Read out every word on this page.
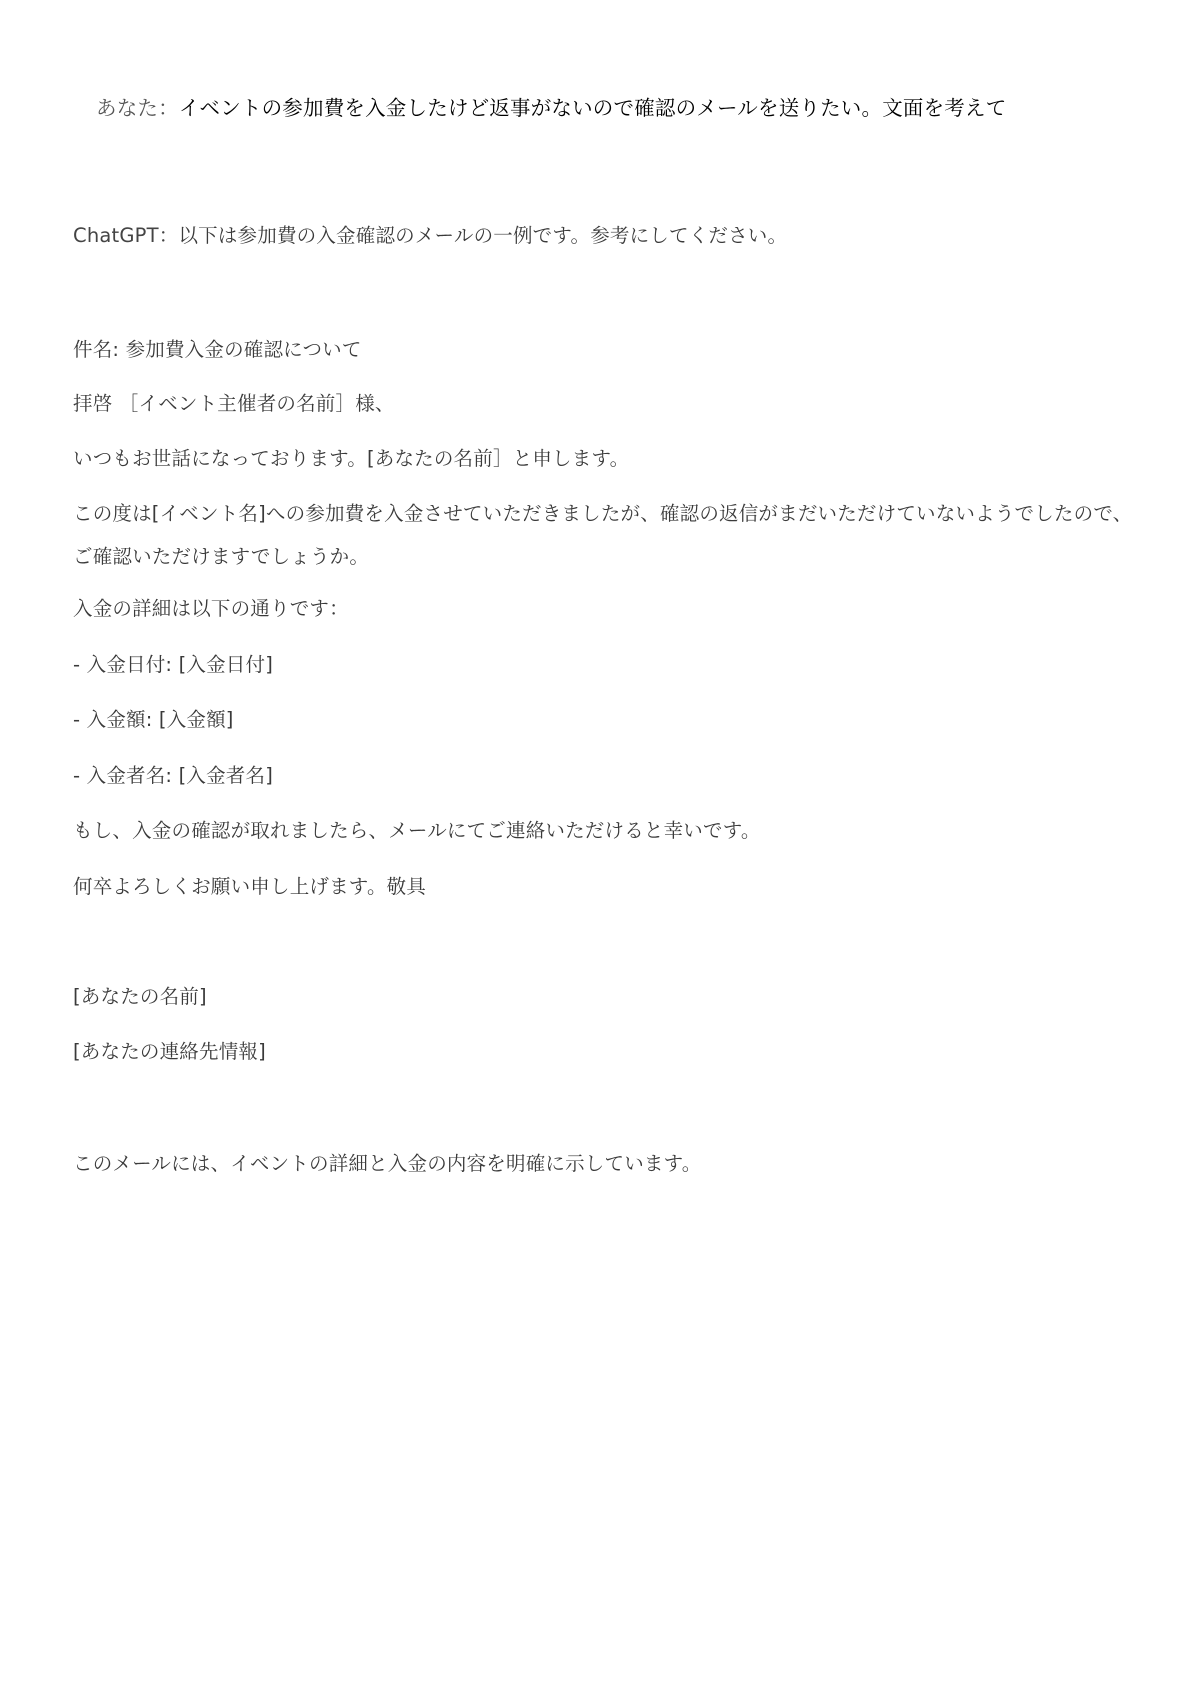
あなた：イベントの参加費を入金したけど返事がないので確認のメールを送りたい。文面を考えて
ChatGPT：以下は参加費の入金確認のメールの一例です。参考にしてください。
件名: 参加費入金の確認について
拝啓 ［イベント主催者の名前］様、
いつもお世話になっております。[あなたの名前］と申します。
この度は[イベント名]への参加費を入金させていただきましたが、確認の返信がまだいただけていないようでしたので、ご確認いただけますでしょうか。
入金の詳細は以下の通りです：
- 入金日付: [入金日付]
- 入金額: [入金額]
- 入金者名: [入金者名]
もし、入金の確認が取れましたら、メールにてご連絡いただけると幸いです。
何卒よろしくお願い申し上げます。敬具
[あなたの名前]
[あなたの連絡先情報]
このメールには、イベントの詳細と入金の内容を明確に示しています。
